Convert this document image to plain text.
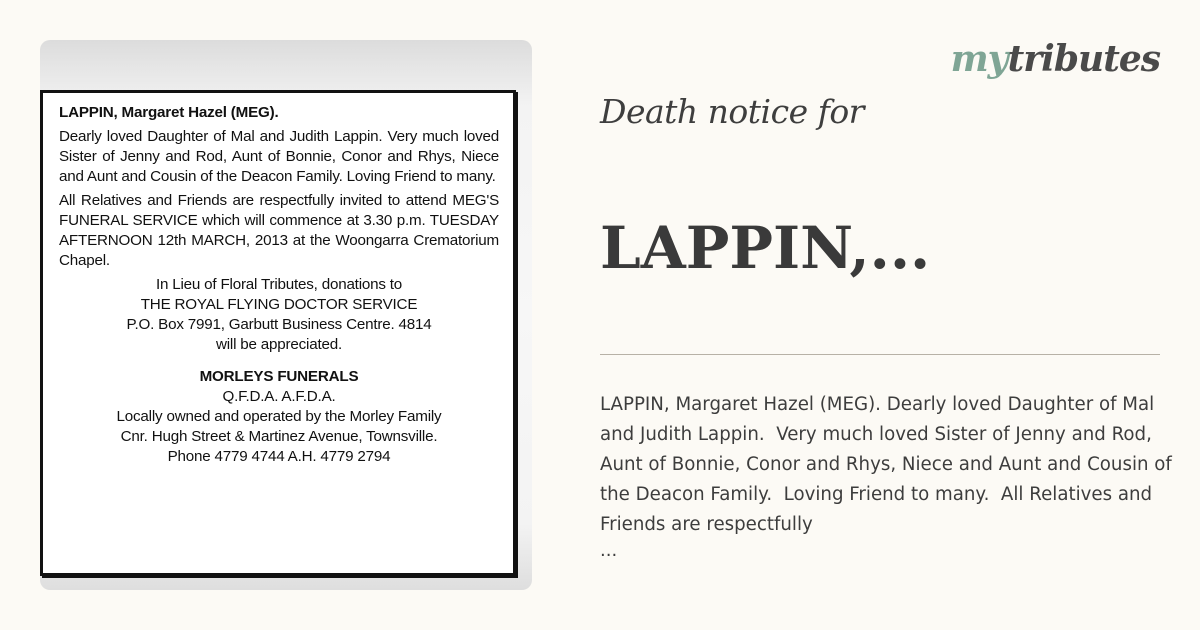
LAPPIN, Margaret Hazel (MEG).
Dearly loved Daughter of Mal and Judith Lappin. Very much loved Sister of Jenny and Rod, Aunt of Bonnie, Conor and Rhys, Niece and Aunt and Cousin of the Deacon Family. Loving Friend to many.
All Relatives and Friends are respectfully invited to attend MEG'S FUNERAL SERVICE which will commence at 3.30 p.m. TUESDAY AFTERNOON 12th MARCH, 2013 at the Woongarra Crematorium Chapel.
In Lieu of Floral Tributes, donations to
THE ROYAL FLYING DOCTOR SERVICE
P.O. Box 7991, Garbutt Business Centre. 4814
will be appreciated.
MORLEYS FUNERALS
Q.F.D.A. A.F.D.A.
Locally owned and operated by the Morley Family
Cnr. Hugh Street & Martinez Avenue, Townsville.
Phone 4779 4744 A.H. 4779 2794
mytributes
Death notice for
LAPPIN,...
LAPPIN, Margaret Hazel (MEG). Dearly loved Daughter of Mal and Judith Lappin.  Very much loved Sister of Jenny and Rod, Aunt of Bonnie, Conor and Rhys, Niece and Aunt and Cousin of the Deacon Family.  Loving Friend to many.  All Relatives and Friends are respectfully
...
